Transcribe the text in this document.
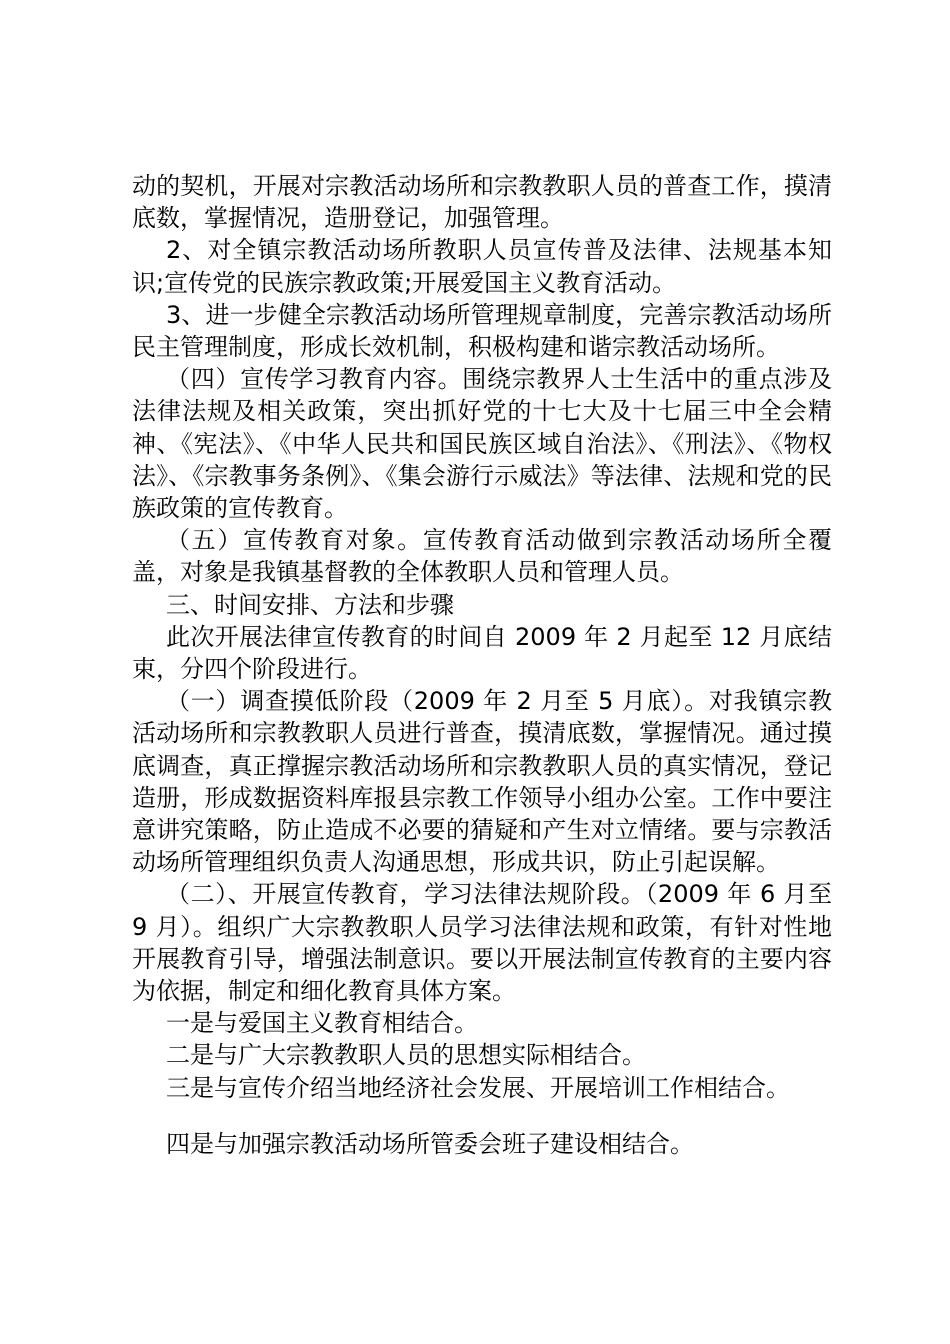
动的契机，开展对宗教活动场所和宗教教职人员的普查工作，摸清底数，掌握情况，造册登记，加强管理。

2、对全镇宗教活动场所教职人员宣传普及法律、法规基本知识;宣传党的民族宗教政策;开展爱国主义教育活动。

3、进一步健全宗教活动场所管理规章制度，完善宗教活动场所民主管理制度，形成长效机制，积极构建和谐宗教活动场所。

（四）宣传学习教育内容。围绕宗教界人士生活中的重点涉及法律法规及相关政策，突出抓好党的十七大及十七届三中全会精神、《宪法》、《中华人民共和国民族区域自治法》、《刑法》、《物权法》、《宗教事务条例》、《集会游行示威法》等法律、法规和党的民族政策的宣传教育。

（五）宣传教育对象。宣传教育活动做到宗教活动场所全覆盖，对象是我镇基督教的全体教职人员和管理人员。

三、时间安排、方法和步骤

此次开展法律宣传教育的时间自 2009 年 2 月起至 12 月底结束，分四个阶段进行。

（一）调查摸低阶段（2009 年 2 月至 5 月底）。对我镇宗教活动场所和宗教教职人员进行普查，摸清底数，掌握情况。通过摸底调查，真正撑握宗教活动场所和宗教教职人员的真实情况，登记造册，形成数据资料库报县宗教工作领导小组办公室。工作中要注意讲究策略，防止造成不必要的猜疑和产生对立情绪。要与宗教活动场所管理组织负责人沟通思想，形成共识，防止引起误解。

（二）、开展宣传教育，学习法律法规阶段。（2009 年 6 月至 9 月）。组织广大宗教教职人员学习法律法规和政策，有针对性地开展教育引导，增强法制意识。要以开展法制宣传教育的主要内容为依据，制定和细化教育具体方案。

一是与爱国主义教育相结合。

二是与广大宗教教职人员的思想实际相结合。

三是与宣传介绍当地经济社会发展、开展培训工作相结合。

四是与加强宗教活动场所管委会班子建设相结合。
